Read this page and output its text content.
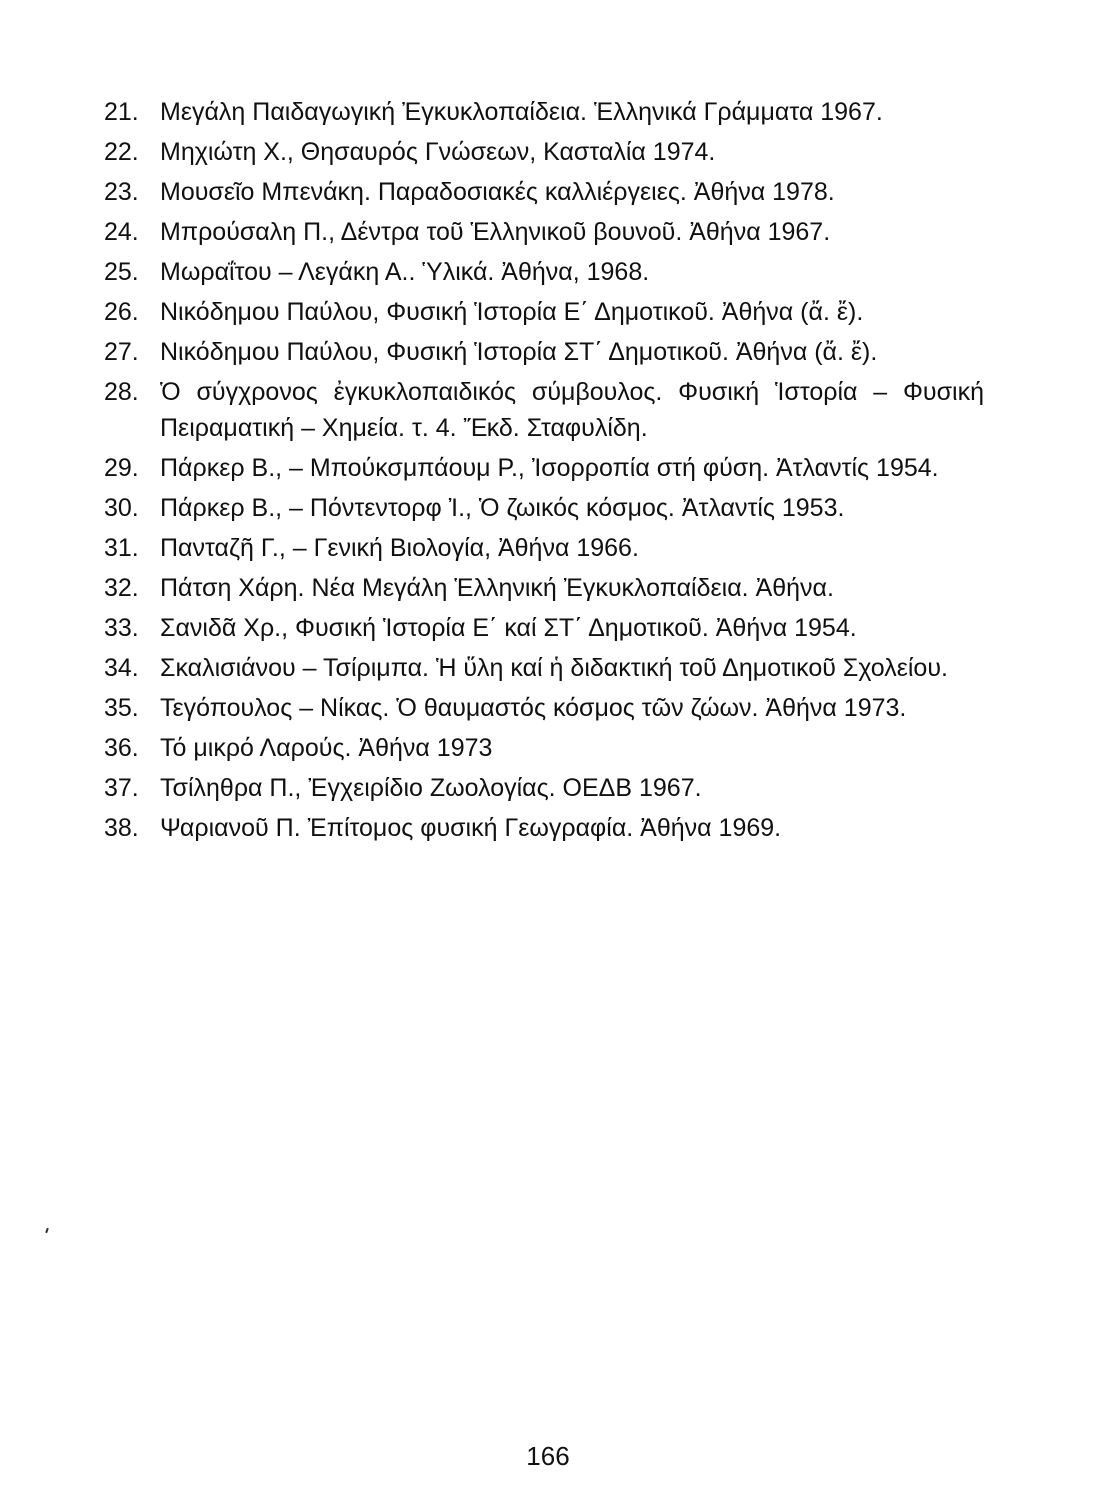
21. Μεγάλη Παιδαγωγική Ἐγκυκλοπαίδεια. Ἑλληνικά Γράμματα 1967.
22. Μηχιώτη Χ., Θησαυρός Γνώσεων, Κασταλία 1974.
23. Μουσεῖο Μπενάκη. Παραδοσιακές καλλιέργειες. Ἀθήνα 1978.
24. Μπρούσαλη Π., Δέντρα τοῦ Ἑλληνικοῦ βουνοῦ. Ἀθήνα 1967.
25. Μωραΐτου – Λεγάκη Α.. Ὑλικά. Ἀθήνα, 1968.
26. Νικόδημου Παύλου, Φυσική Ἱστορία Ε΄ Δημοτικοῦ. Ἀθήνα (ἄ. ἔ).
27. Νικόδημου Παύλου, Φυσική Ἱστορία ΣΤ΄ Δημοτικοῦ. Ἀθήνα (ἄ. ἔ).
28. Ὁ σύγχρονος ἐγκυκλοπαιδικός σύμβουλος. Φυσική Ἱστορία – Φυσική Πειραματική – Χημεία. τ. 4. Ἔκδ. Σταφυλίδη.
29. Πάρκερ Β., – Μπούκσμπάουμ Ρ., Ἰσορροπία στή φύση. Ἀτλαντίς 1954.
30. Πάρκερ Β., – Πόντεντορφ Ἰ., Ὁ ζωικός κόσμος. Ἀτλαντίς 1953.
31. Πανταζῆ Γ., – Γενική Βιολογία, Ἀθήνα 1966.
32. Πάτση Χάρη. Νέα Μεγάλη Ἑλληνική Ἐγκυκλοπαίδεια. Ἀθήνα.
33. Σανιδᾶ Χρ., Φυσική Ἱστορία Ε΄ καί ΣΤ΄ Δημοτικοῦ. Ἀθήνα 1954.
34. Σκαλισιάνου – Τσίριμπα. Ἡ ὕλη καί ἡ διδακτική τοῦ Δημοτικοῦ Σχολείου.
35. Τεγόπουλος – Νίκας. Ὁ θαυμαστός κόσμος τῶν ζώων. Ἀθήνα 1973.
36. Τό μικρό Λαρούς. Ἀθήνα 1973
37. Τσίληθρα Π., Ἐγχειρίδιο Ζωολογίας. ΟΕΔΒ 1967.
38. Ψαριανοῦ Π. Ἐπίτομος φυσική Γεωγραφία. Ἀθήνα 1969.
166
